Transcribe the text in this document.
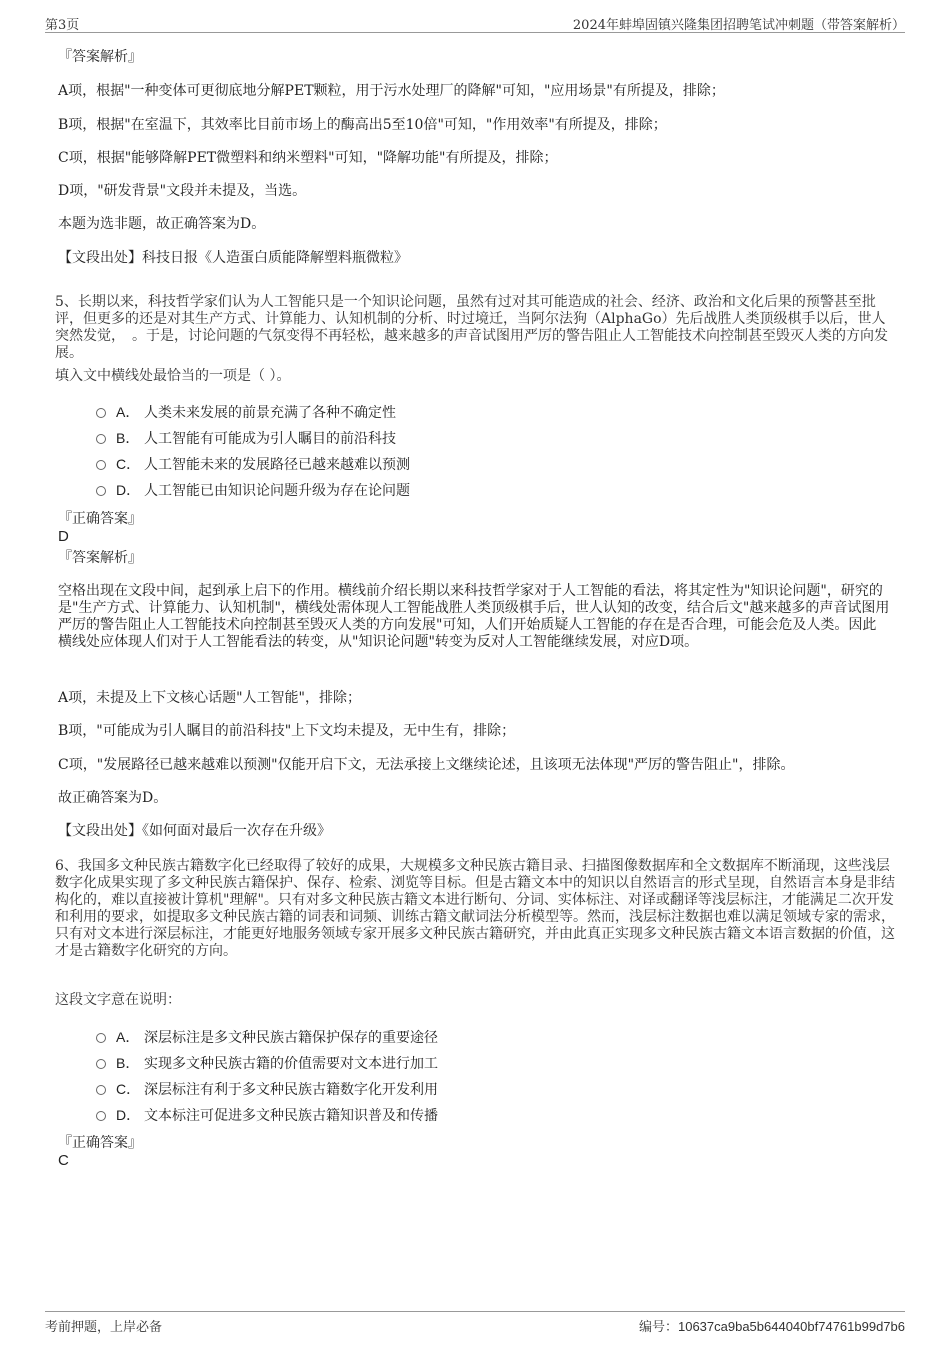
第3页	2024年蚌埠固镇兴隆集团招聘笔试冲刺题（带答案解析）
『答案解析』
A项，根据"一种变体可更彻底地分解PET颗粒，用于污水处理厂的降解"可知，"应用场景"有所提及，排除；
B项，根据"在室温下，其效率比目前市场上的酶高出5至10倍"可知，"作用效率"有所提及，排除；
C项，根据"能够降解PET微塑料和纳米塑料"可知，"降解功能"有所提及，排除；
D项，"研发背景"文段并未提及，当选。
本题为选非题，故正确答案为D。
【文段出处】科技日报《人造蛋白质能降解塑料瓶微粒》
5、长期以来，科技哲学家们认为人工智能只是一个知识论问题，虽然有过对其可能造成的社会、经济、政治和文化后果的预警甚至批评，但更多的还是对其生产方式、计算能力、认知机制的分析、时过境迁，当阿尔法狗（AlphaGo）先后战胜人类顶级棋手以后，世人突然发觉，　。于是，讨论问题的气氛变得不再轻松，越来越多的声音试图用严厉的警告阻止人工智能技术向控制甚至毁灭人类的方向发展。
填入文中横线处最恰当的一项是（ ）。
A． 人类未来发展的前景充满了各种不确定性
B． 人工智能有可能成为引人瞩目的前沿科技
C． 人工智能未来的发展路径已越来越难以预测
D． 人工智能已由知识论问题升级为存在论问题
『正确答案』
D
『答案解析』
空格出现在文段中间，起到承上启下的作用。横线前介绍长期以来科技哲学家对于人工智能的看法，将其定性为"知识论问题"，研究的是"生产方式、计算能力、认知机制"，横线处需体现人工智能战胜人类顶级棋手后，世人认知的改变，结合后文"越来越多的声音试图用严厉的警告阻止人工智能技术向控制甚至毁灭人类的方向发展"可知，人们开始质疑人工智能的存在是否合理，可能会危及人类。因此横线处应体现人们对于人工智能看法的转变，从"知识论问题"转变为反对人工智能继续发展，对应D项。
A项，未提及上下文核心话题"人工智能"，排除；
B项，"可能成为引人瞩目的前沿科技"上下文均未提及，无中生有，排除；
C项，"发展路径已越来越难以预测"仅能开启下文，无法承接上文继续论述，且该项无法体现"严厉的警告阻止"，排除。
故正确答案为D。
【文段出处】《如何面对最后一次存在升级》
6、我国多文种民族古籍数字化已经取得了较好的成果，大规模多文种民族古籍目录、扫描图像数据库和全文数据库不断涌现，这些浅层数字化成果实现了多文种民族古籍保护、保存、检索、浏览等目标。但是古籍文本中的知识以自然语言的形式呈现，自然语言本身是非结构化的，难以直接被计算机"理解"。只有对多文种民族古籍文本进行断句、分词、实体标注、对译或翻译等浅层标注，才能满足二次开发和利用的要求，如提取多文种民族古籍的词表和词频、训练古籍文献词法分析模型等。然而，浅层标注数据也难以满足领域专家的需求，只有对文本进行深层标注，才能更好地服务领域专家开展多文种民族古籍研究，并由此真正实现多文种民族古籍文本语言数据的价值，这才是古籍数字化研究的方向。
这段文字意在说明：
A． 深层标注是多文种民族古籍保护保存的重要途径
B． 实现多文种民族古籍的价值需要对文本进行加工
C． 深层标注有利于多文种民族古籍数字化开发利用
D． 文本标注可促进多文种民族古籍知识普及和传播
『正确答案』
C
考前押题，上岸必备	编号：10637ca9ba5b644040bf74761b99d7b6
